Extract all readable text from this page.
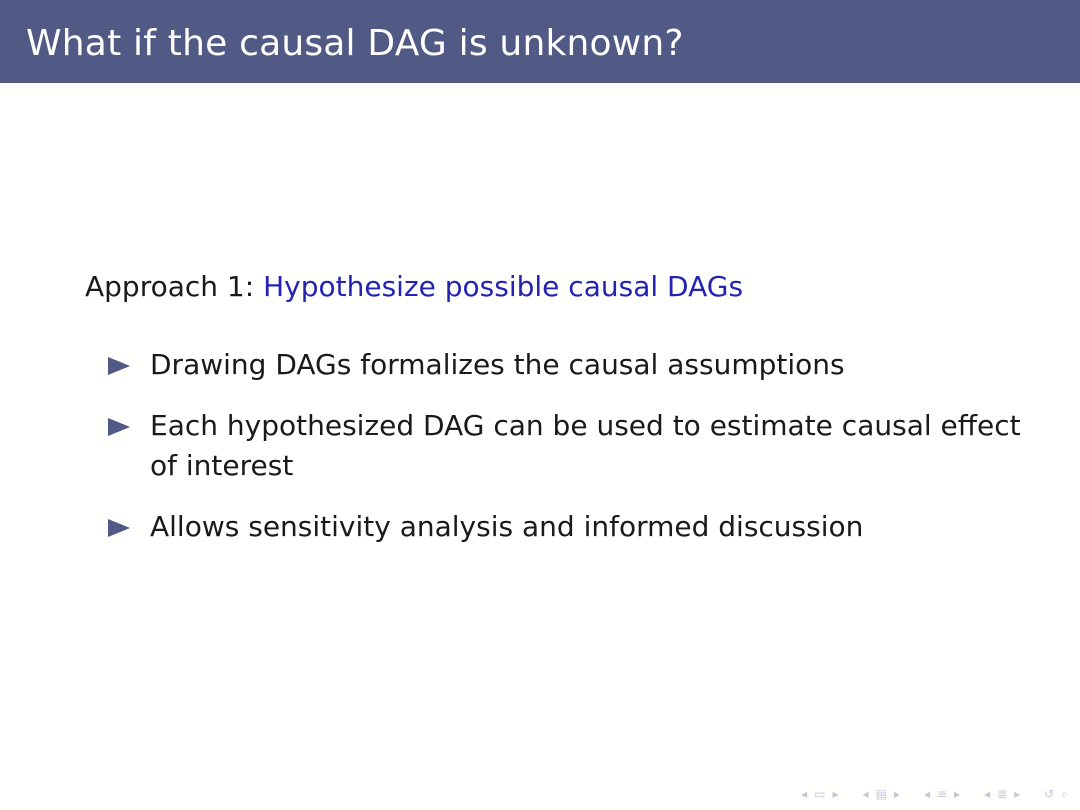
What if the causal DAG is unknown?
Approach 1: Hypothesize possible causal DAGs
Drawing DAGs formalizes the causal assumptions
Each hypothesized DAG can be used to estimate causal effect of interest
Allows sensitivity analysis and informed discussion
◂ ▭ ▸ ◂ ▤ ▸ ◂ ≡ ▸ ◂ ≣ ▸ ↺ ⌕
